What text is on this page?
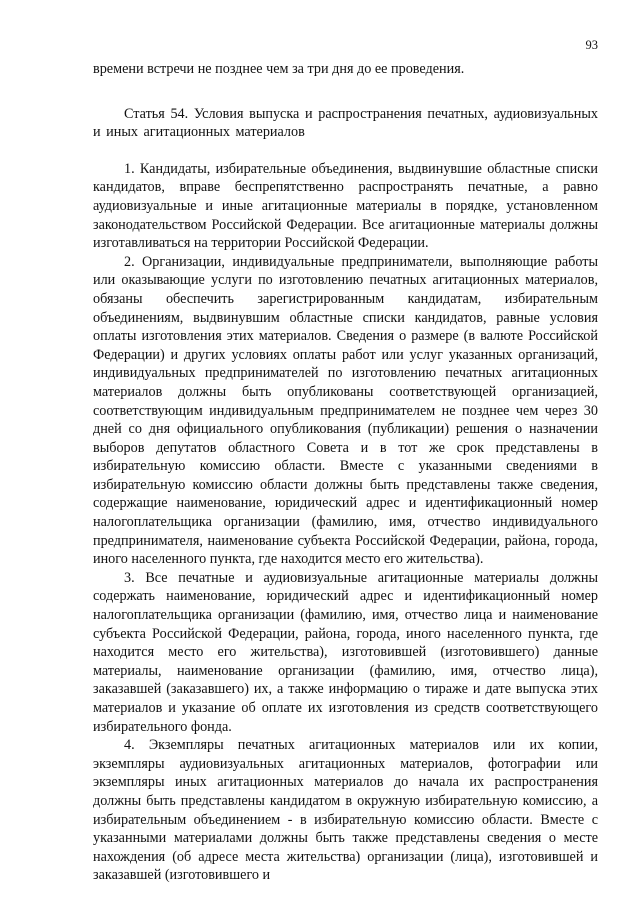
93

времени встречи не позднее чем за три дня до ее проведения.

Статья 54. Условия выпуска и распространения печатных, аудиовизуальных и иных агитационных материалов

1. Кандидаты, избирательные объединения, выдвинувшие областные списки кандидатов, вправе беспрепятственно распространять печатные, а равно аудиовизуальные и иные агитационные материалы в порядке, установленном законодательством Российской Федерации. Все агитационные материалы должны изготавливаться на территории Российской Федерации.

2. Организации, индивидуальные предприниматели, выполняющие работы или оказывающие услуги по изготовлению печатных агитационных материалов, обязаны обеспечить зарегистрированным кандидатам, избирательным объединениям, выдвинувшим областные списки кандидатов, равные условия оплаты изготовления этих материалов. Сведения о размере (в валюте Российской Федерации) и других условиях оплаты работ или услуг указанных организаций, индивидуальных предпринимателей по изготовлению печатных агитационных материалов должны быть опубликованы соответствующей организацией, соответствующим индивидуальным предпринимателем не позднее чем через 30 дней со дня официального опубликования (публикации) решения о назначении выборов депутатов областного Совета и в тот же срок представлены в избирательную комиссию области. Вместе с указанными сведениями в избирательную комиссию области должны быть представлены также сведения, содержащие наименование, юридический адрес и идентификационный номер налогоплательщика организации (фамилию, имя, отчество индивидуального предпринимателя, наименование субъекта Российской Федерации, района, города, иного населенного пункта, где находится место его жительства).

3. Все печатные и аудиовизуальные агитационные материалы должны содержать наименование, юридический адрес и идентификационный номер налогоплательщика организации (фамилию, имя, отчество лица и наименование субъекта Российской Федерации, района, города, иного населенного пункта, где находится место его жительства), изготовившей (изготовившего) данные материалы, наименование организации (фамилию, имя, отчество лица), заказавшей (заказавшего) их, а также информацию о тираже и дате выпуска этих материалов и указание об оплате их изготовления из средств соответствующего избирательного фонда.

4. Экземпляры печатных агитационных материалов или их копии, экземпляры аудиовизуальных агитационных материалов, фотографии или экземпляры иных агитационных материалов до начала их распространения должны быть представлены кандидатом в окружную избирательную комиссию, а избирательным объединением - в избирательную комиссию области. Вместе с указанными материалами должны быть также представлены сведения о месте нахождения (об адресе места жительства) организации (лица), изготовившей и заказавшей (изготовившего и
